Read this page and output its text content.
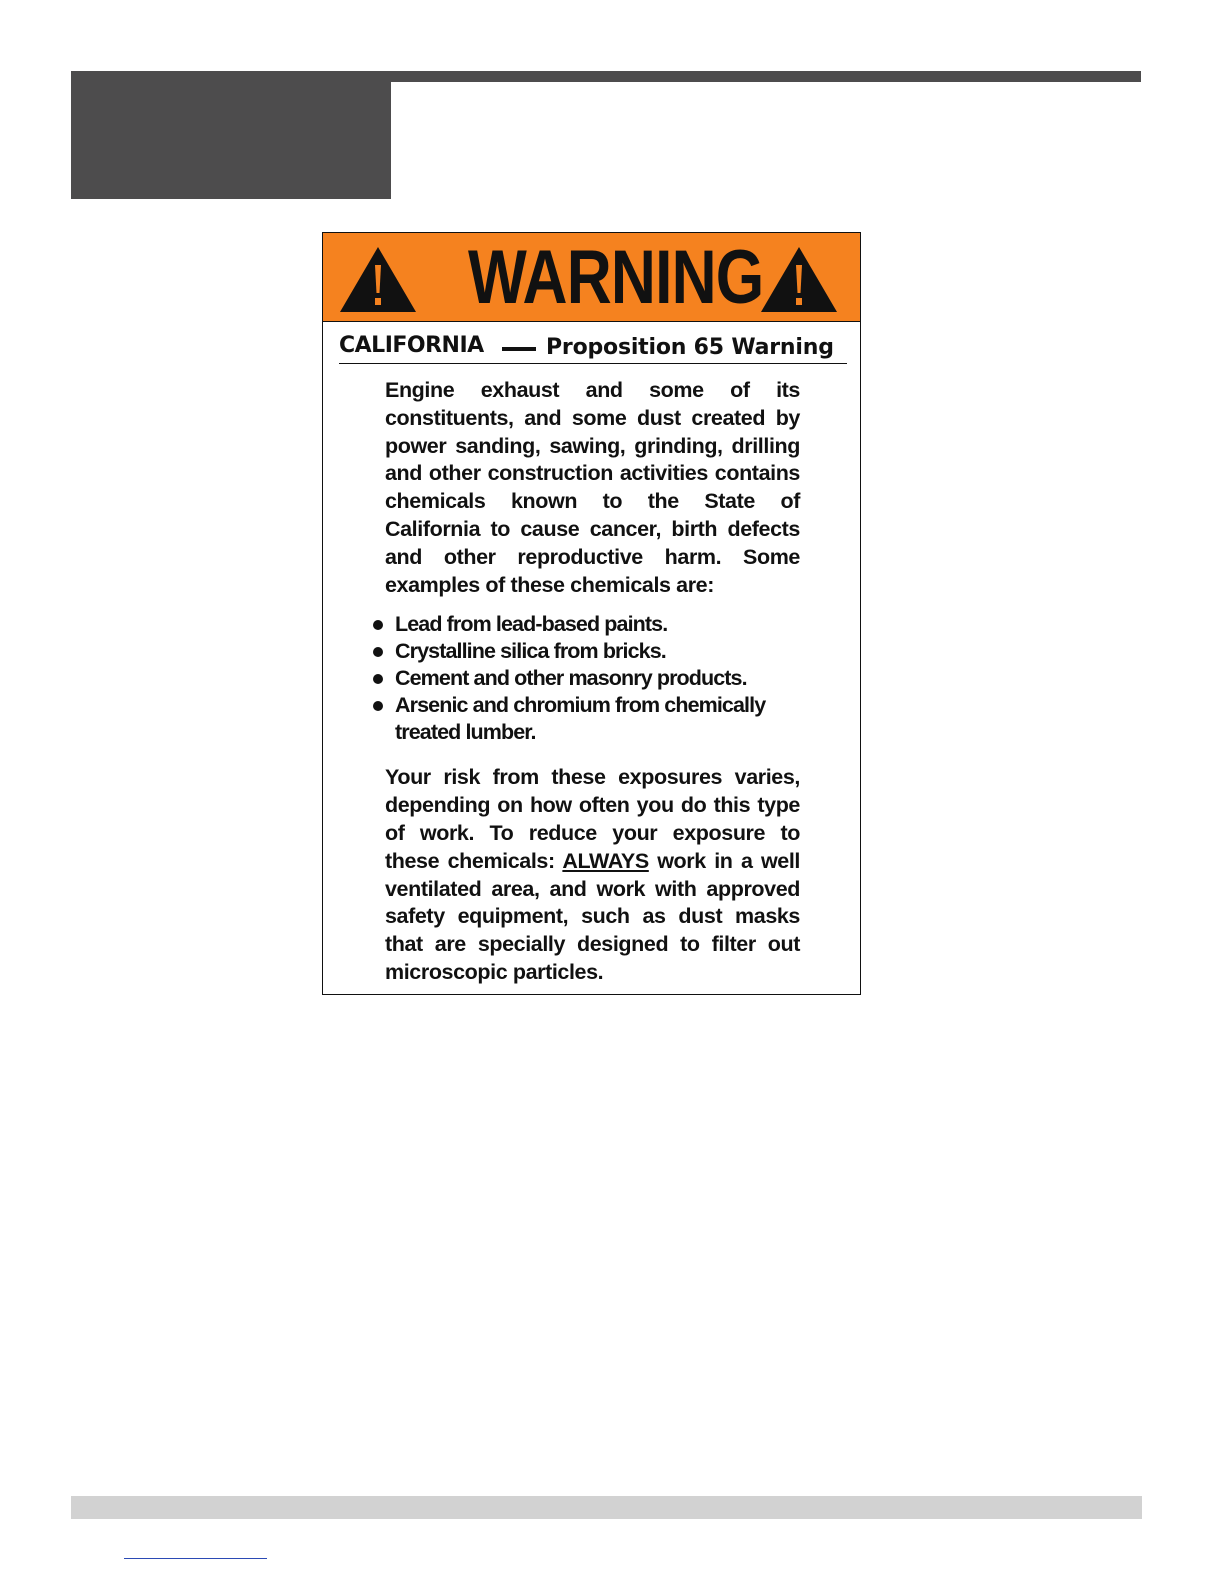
WARNING
CALIFORNIA	Proposition 65 Warning

Engine exhaust and some of its constituents, and some dust created by power sanding, sawing, grinding, drilling and other construction activities contains chemicals known to the State of California to cause cancer, birth defects and other reproductive harm. Some examples of these chemicals are:

Lead from lead-based paints.
Crystalline silica from bricks.
Cement and other masonry products.
Arsenic and chromium from chemically treated lumber.

Your risk from these exposures varies, depending on how often you do this type of work. To reduce your exposure to these chemicals: ALWAYS work in a well ventilated area, and work with approved safety equipment, such as dust masks that are specially designed to filter out microscopic particles.
